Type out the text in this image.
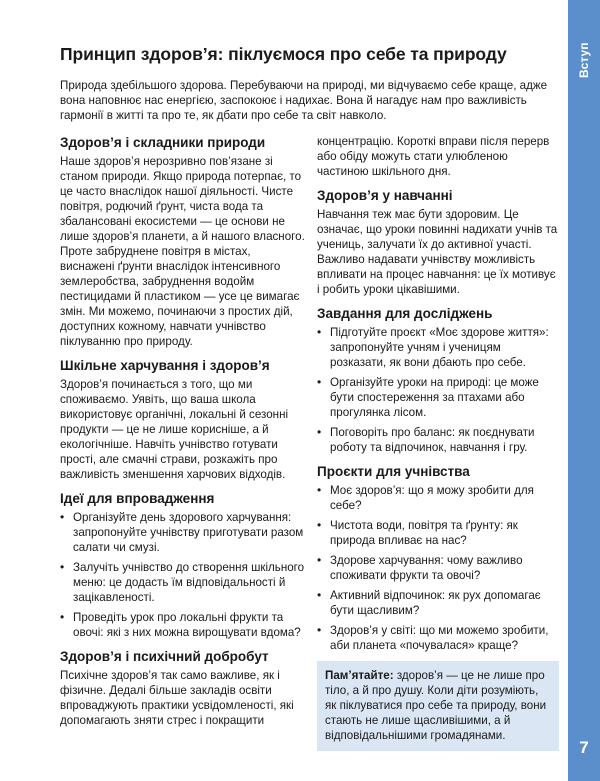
Вступ
7
Принцип здоров’я: піклуємося про себе та природу

Природа здебільшого здорова. Перебуваючи на природі, ми відчуваємо себе краще, адже вона наповнює нас енергією, заспокоює і надихає. Вона й нагадує нам про важливість гармонії в житті та про те, як дбати про себе та світ навколо.

Здоров’я і складники природи

Наше здоров’я нерозривно пов’язане зі станом природи. Якщо природа потерпає, то це часто внаслідок нашої діяльності. Чисте повітря, родючий ґрунт, чиста вода та збалансовані екосистеми — це основи не лише здоров’я планети, а й нашого власного. Проте забруднене повітря в містах, виснажені ґрунти внаслідок інтенсивного землеробства, забруднення водойм пестицидами й пластиком — усе це вимагає змін. Ми можемо, починаючи з простих дій, доступних кожному, навчати учнівство піклуванню про природу.

Шкільне харчування і здоров’я

Здоров’я починається з того, що ми споживаємо. Уявіть, що ваша школа використовує органічні, локальні й сезонні продукти — це не лише корисніше, а й екологічніше. Навчіть учнівство готувати прості, але смачні страви, розкажіть про важливість зменшення харчових відходів.

Ідеї для впровадження
• Організуйте день здорового харчування: запропонуйте учнівству приготувати разом салати чи смузі.
• Залучіть учнівство до створення шкільного меню: це додасть їм відповідальності й зацікавленості.
• Проведіть урок про локальні фрукти та овочі: які з них можна вирощувати вдома?
Здоров’я і психічний добробут

Психічне здоров’я так само важливе, як і фізичне. Дедалі більше закладів освіти впроваджують практики усвідомленості, які допомагають зняти стрес і покращити

концентрацію. Короткі вправи після перерв або обіду можуть стати улюбленою частиною шкільного дня.

Здоров’я у навчанні

Навчання теж має бути здоровим. Це означає, що уроки повинні надихати учнів та учениць, залучати їх до активної участі. Важливо надавати учнівству можливість впливати на процес навчання: це їх мотивує і робить уроки цікавішими.

Завдання для досліджень
• Підготуйте проєкт «Моє здорове життя»: запропонуйте учням і ученицям розказати, як вони дбають про себе.
• Організуйте уроки на природі: це може бути спостереження за птахами або прогулянка лісом.
• Поговоріть про баланс: як поєднувати роботу та відпочинок, навчання і гру.
Проєкти для учнівства
• Моє здоров’я: що я можу зробити для себе?
• Чистота води, повітря та ґрунту: як природа впливає на нас?
• Здорове харчування: чому важливо споживати фрукти та овочі?
• Активний відпочинок: як рух допомагає бути щасливим?
• Здоров’я у світі: що ми можемо зробити, аби планета «почувалася» краще?
Пам’ятайте: здоров’я — це не лише про тіло, а й про душу. Коли діти розуміють, як піклуватися про себе та природу, вони стають не лише щасливішими, а й відповідальнішими громадянами.
